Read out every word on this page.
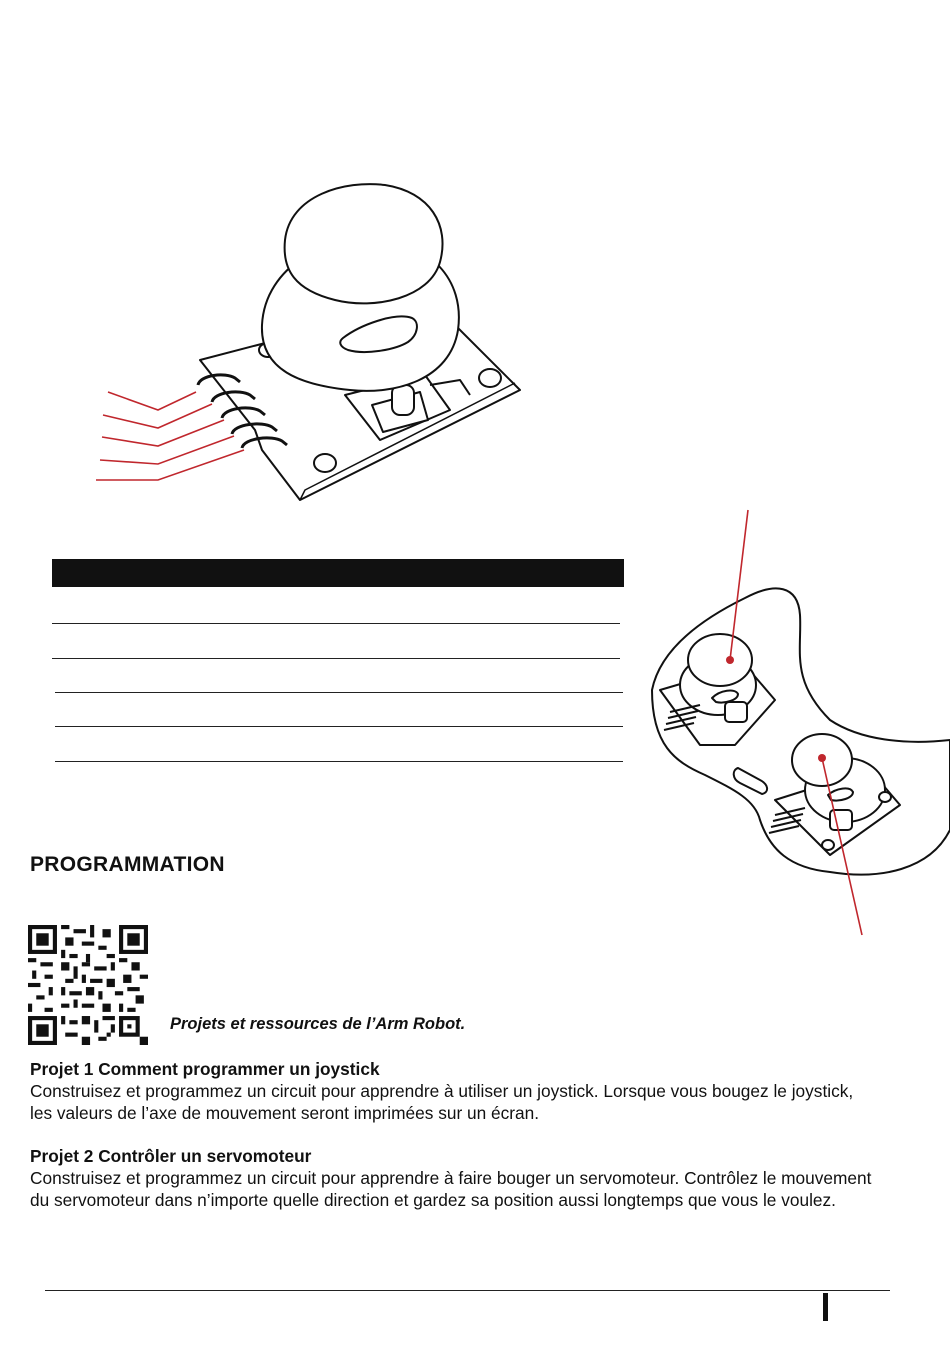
PROGRAMMATION
Projets et ressources de l’Arm Robot.
Projet 1 Comment programmer un joystick

Construisez et programmez un circuit pour apprendre à utiliser un joystick. Lorsque vous bougez le joystick, les valeurs de l’axe de mouvement seront imprimées sur un écran.

Projet 2 Contrôler un servomoteur

Construisez et programmez un circuit pour apprendre à faire bouger un servomoteur. Contrôlez le mouvement du servomoteur dans n’importe quelle direction et gardez sa position aussi longtemps que vous le voulez.
